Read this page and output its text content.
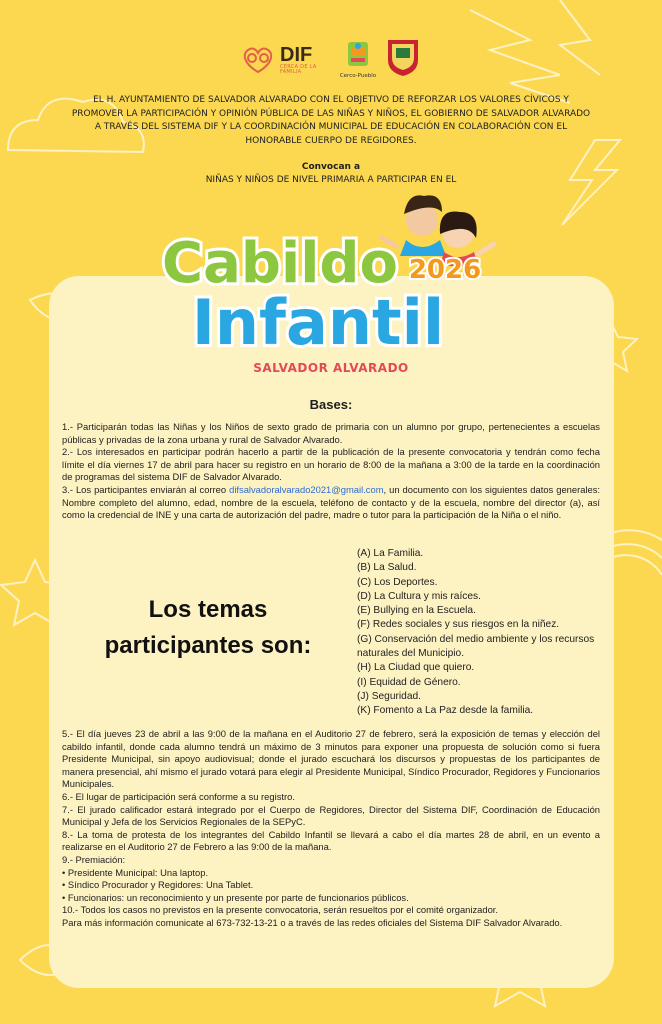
DIF
CERCA DE LA FAMILIA
Cerco-Pueblo
EL H. AYUNTAMIENTO DE SALVADOR ALVARADO CON EL OBJETIVO DE REFORZAR LOS VALORES CÍVICOS Y PROMOVER LA PARTICIPACIÓN Y OPINIÓN PÚBLICA DE LAS NIÑAS Y NIÑOS, EL GOBIERNO DE SALVADOR ALVARADO A TRAVÉS DEL SISTEMA DIF Y LA COORDINACIÓN MUNICIPAL DE EDUCACIÓN EN COLABORACIÓN CON EL HONORABLE CUERPO DE REGIDORES.
Convocan a
NIÑAS Y NIÑOS DE NIVEL PRIMARIA A PARTICIPAR EN EL
Cabildo 2026
Infantil
SALVADOR ALVARADO
Bases:

1.- Participarán todas las Niñas y los Niños de sexto grado de primaria con un alumno por grupo, pertenecientes a escuelas públicas y privadas de la zona urbana y rural de Salvador Alvarado.

2.- Los interesados en participar podrán hacerlo a partir de la publicación de la presente convocatoria y tendrán como fecha límite el día viernes 17 de abril para hacer su registro en un horario de 8:00 de la mañana a 3:00 de la tarde en la coordinación de programas del sistema DIF de Salvador Alvarado.

3.- Los participantes enviarán al correo difsalvadoralvarado2021@gmail.com, un documento con los siguientes datos generales: Nombre completo del alumno, edad, nombre de la escuela, teléfono de contacto y de la escuela, nombre del director (a), así como la credencial de INE y una carta de autorización del padre, madre o tutor para la participación de la Niña o el niño.

Los temas participantes son:
(A) La Familia.
(B) La Salud.
(C) Los Deportes.
(D) La Cultura y mis raíces.
(E) Bullying en la Escuela.
(F) Redes sociales y sus riesgos en la niñez.
(G) Conservación del medio ambiente y los recursos naturales del Municipio.
(H) La Ciudad que quiero.
(I) Equidad de Género.
(J) Seguridad.
(K) Fomento a La Paz desde la familia.

5.- El día jueves 23 de abril a las 9:00 de la mañana en el Auditorio 27 de febrero, será la exposición de temas y elección del cabildo infantil, donde cada alumno tendrá un máximo de 3 minutos para exponer una propuesta de solución como si fuera Presidente Municipal, sin apoyo audiovisual; donde el jurado escuchará los discursos y propuestas de los participantes de manera presencial, ahí mismo el jurado votará para elegir al Presidente Municipal, Síndico Procurador, Regidores y Funcionarios Municipales.

6.- El lugar de participación será conforme a su registro.

7.- El jurado calificador estará integrado por el Cuerpo de Regidores, Director del Sistema DIF, Coordinación de Educación Municipal y Jefa de los Servicios Regionales de la SEPyC.

8.- La toma de protesta de los integrantes del Cabildo Infantil se llevará a cabo el día martes 28 de abril, en un evento a realizarse en el Auditorio 27 de Febrero a las 9:00 de la mañana.

9.- Premiación:

• Presidente Municipal: Una laptop.

• Síndico Procurador y Regidores: Una Tablet.

• Funcionarios: un reconocimiento y un presente por parte de funcionarios públicos.

10.- Todos los casos no previstos en la presente convocatoria, serán resueltos por el comité organizador.

Para más información comunicate al 673-732-13-21 o a través de las redes oficiales del Sistema DIF Salvador Alvarado.
